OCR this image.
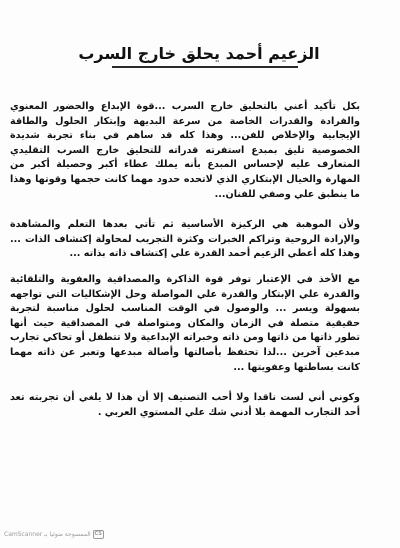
الزعيم أحمد يحلق خارج السرب

بكل تأكيد أعني بالتحليق خارج السرب ...قوة الإبداع والحضور المعنوي والفرادة والقدرات الخاصة من سرعة البديهة وإبتكار الحلول والطاقة الإيجابية والإخلاص للفن... وهذا كله قد ساهم في بناء تجربة شديدة الخصوصية تليق بمبدع استفرته قدراته للتحليق خارج السرب التقليدي المتعارف عليه لإحساس المبدع بأنه يملك عطاء أكبر وحصيلة أكبر من المهارة والخيال الإبتكاري الذي لاتحده حدود مهما كانت حجمها وقوتها وهذا ما ينطبق علي وصفي للفنان...

ولأن الموهبة هي الركيزة الأساسية ثم تأتي بعدها التعلم والمشاهدة والإرادة الروحية وتراكم الخبرات وكثرة التجريب لمحاولة إكتشاف الذات ... وهذا كله أعطي الزعيم أحمد القدرة علي إكتشاف ذاته بذاته ...

مع الأخذ في الإعتبار توفر قوة الذاكرة والمصداقية والعفوية والتلقائية والقدرة علي الإبتكار والقدرة علي المواصلة وحل الإشكاليات التي تواجهه بسهولة ويسر ... والوصول في الوقت المناسب لحلول مناسبة لتجربة حقيقية متصلة في الزمان والمكان ومتواصلة في المصداقية حيث أنها تطور ذاتها من ذاتها ومن ذاته وخبراته الإبداعية ولا تتطفل أو تحاكي تجارب مبدعين آخرين ...لذا تحتفظ بأصالتها وأصالة مبدعها وتعبر عن ذاته مهما كانت بساطتها وعفويتها ...

وكوني أني لست ناقدا ولا أحب التصنيف إلا أن هذا لا يلغي أن تجربته تعد أحد التجارب المهمة بلا أدني شك علي المستوي العربي .

CS
الممسوحة ضوئيا بـ CamScanner
